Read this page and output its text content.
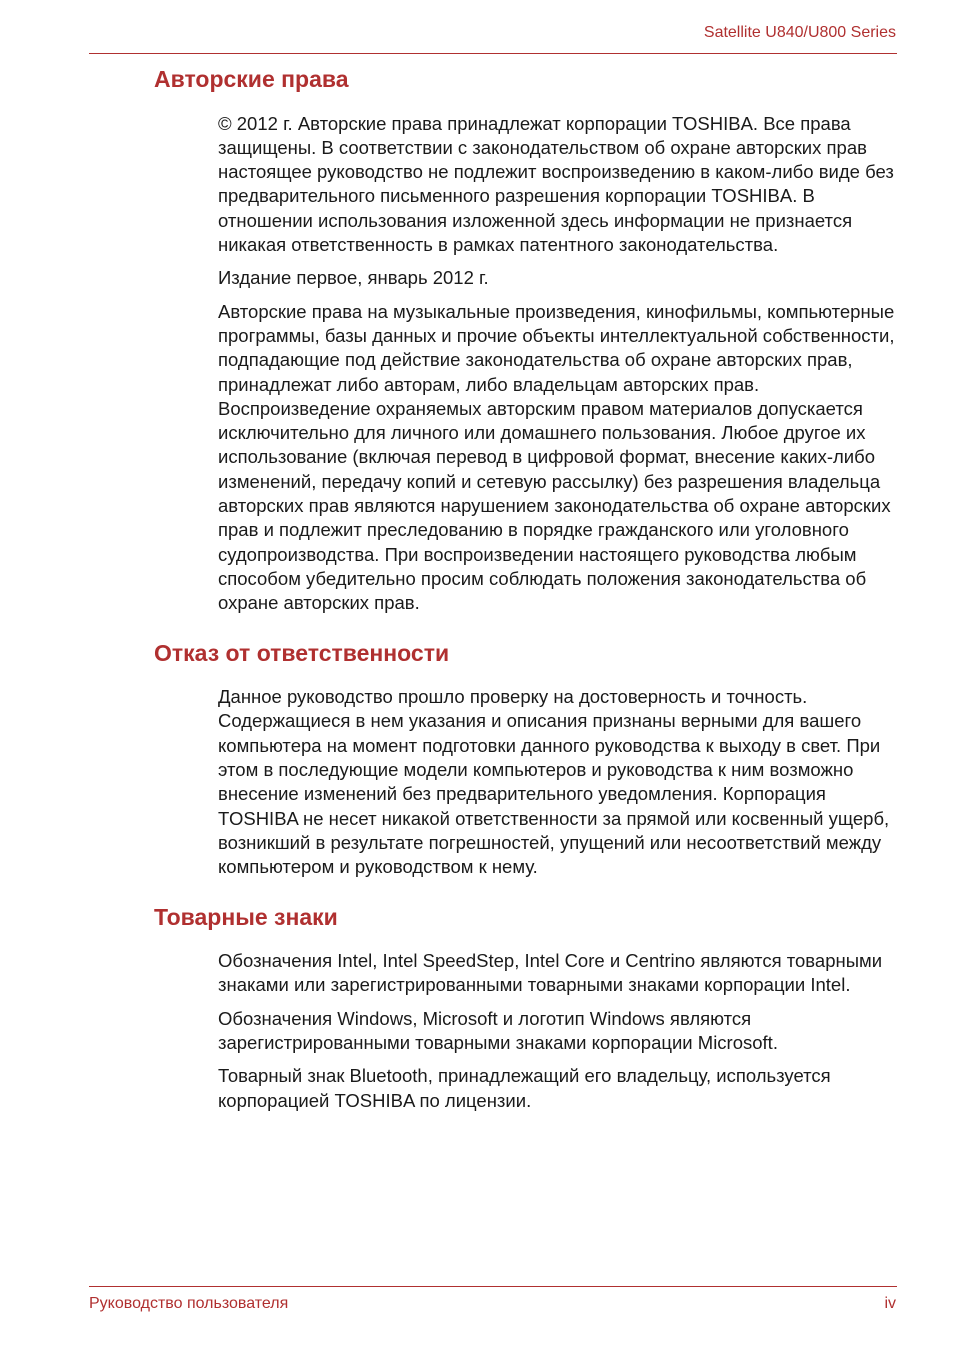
Satellite U840/U800 Series
Авторские права

© 2012 г. Авторские права принадлежат корпорации TOSHIBA. Все права защищены. В соответствии с законодательством об охране авторских прав настоящее руководство не подлежит воспроизведению в каком-либо виде без предварительного письменного разрешения корпорации TOSHIBA. В отношении использования изложенной здесь информации не признается никакая ответственность в рамках патентного законодательства.

Издание первое, январь 2012 г.

Авторские права на музыкальные произведения, кинофильмы, компьютерные программы, базы данных и прочие объекты интеллектуальной собственности, подпадающие под действие законодательства об охране авторских прав, принадлежат либо авторам, либо владельцам авторских прав. Воспроизведение охраняемых авторским правом материалов допускается исключительно для личного или домашнего пользования. Любое другое их использование (включая перевод в цифровой формат, внесение каких-либо изменений, передачу копий и сетевую рассылку) без разрешения владельца авторских прав являются нарушением законодательства об охране авторских прав и подлежит преследованию в порядке гражданского или уголовного судопроизводства. При воспроизведении настоящего руководства любым способом убедительно просим соблюдать положения законодательства об охране авторских прав.

Отказ от ответственности

Данное руководство прошло проверку на достоверность и точность. Содержащиеся в нем указания и описания признаны верными для вашего компьютера на момент подготовки данного руководства к выходу в свет. При этом в последующие модели компьютеров и руководства к ним возможно внесение изменений без предварительного уведомления. Корпорация TOSHIBA не несет никакой ответственности за прямой или косвенный ущерб, возникший в результате погрешностей, упущений или несоответствий между компьютером и руководством к нему.

Товарные знаки

Обозначения Intel, Intel SpeedStep, Intel Core и Centrino являются товарными знаками или зарегистрированными товарными знаками корпорации Intel.

Обозначения Windows, Microsoft и логотип Windows являются зарегистрированными товарными знаками корпорации Microsoft.

Товарный знак Bluetooth, принадлежащий его владельцу, используется корпорацией TOSHIBA по лицензии.

Руководство пользователя	iv
